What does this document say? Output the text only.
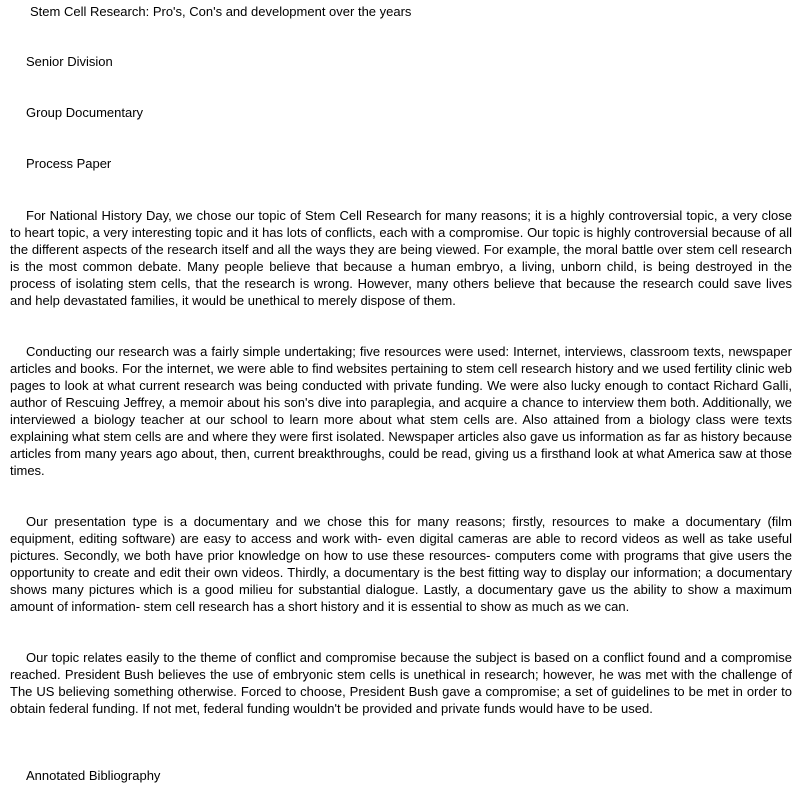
Stem Cell Research: Pro's, Con's and development over the years

Senior Division

Group Documentary

Process Paper

For National History Day, we chose our topic of Stem Cell Research for many reasons; it is a highly controversial topic, a very close to heart topic, a very interesting topic and it has lots of conflicts, each with a compromise. Our topic is highly controversial because of all the different aspects of the research itself and all the ways they are being viewed. For example, the moral battle over stem cell research is the most common debate. Many people believe that because a human embryo, a living, unborn child, is being destroyed in the process of isolating stem cells, that the research is wrong. However, many others believe that because the research could save lives and help devastated families, it would be unethical to merely dispose of them.

Conducting our research was a fairly simple undertaking; five resources were used: Internet, interviews, classroom texts, newspaper articles and books. For the internet, we were able to find websites pertaining to stem cell research history and we used fertility clinic web pages to look at what current research was being conducted with private funding. We were also lucky enough to contact Richard Galli, author of Rescuing Jeffrey, a memoir about his son's dive into paraplegia, and acquire a chance to interview them both. Additionally, we interviewed a biology teacher at our school to learn more about what stem cells are. Also attained from a biology class were texts explaining what stem cells are and where they were first isolated. Newspaper articles also gave us information as far as history because articles from many years ago about, then, current breakthroughs, could be read, giving us a firsthand look at what America saw at those times.

Our presentation type is a documentary and we chose this for many reasons; firstly, resources to make a documentary (film equipment, editing software) are easy to access and work with- even digital cameras are able to record videos as well as take useful pictures. Secondly, we both have prior knowledge on how to use these resources- computers come with programs that give users the opportunity to create and edit their own videos. Thirdly, a documentary is the best fitting way to display our information; a documentary shows many pictures which is a good milieu for substantial dialogue. Lastly, a documentary gave us the ability to show a maximum amount of information- stem cell research has a short history and it is essential to show as much as we can.

Our topic relates easily to the theme of conflict and compromise because the subject is based on a conflict found and a compromise reached. President Bush believes the use of embryonic stem cells is unethical in research; however, he was met with the challenge of The US believing something otherwise. Forced to choose, President Bush gave a compromise; a set of guidelines to be met in order to obtain federal funding. If not met, federal funding wouldn't be provided and private funds would have to be used.

Annotated Bibliography
